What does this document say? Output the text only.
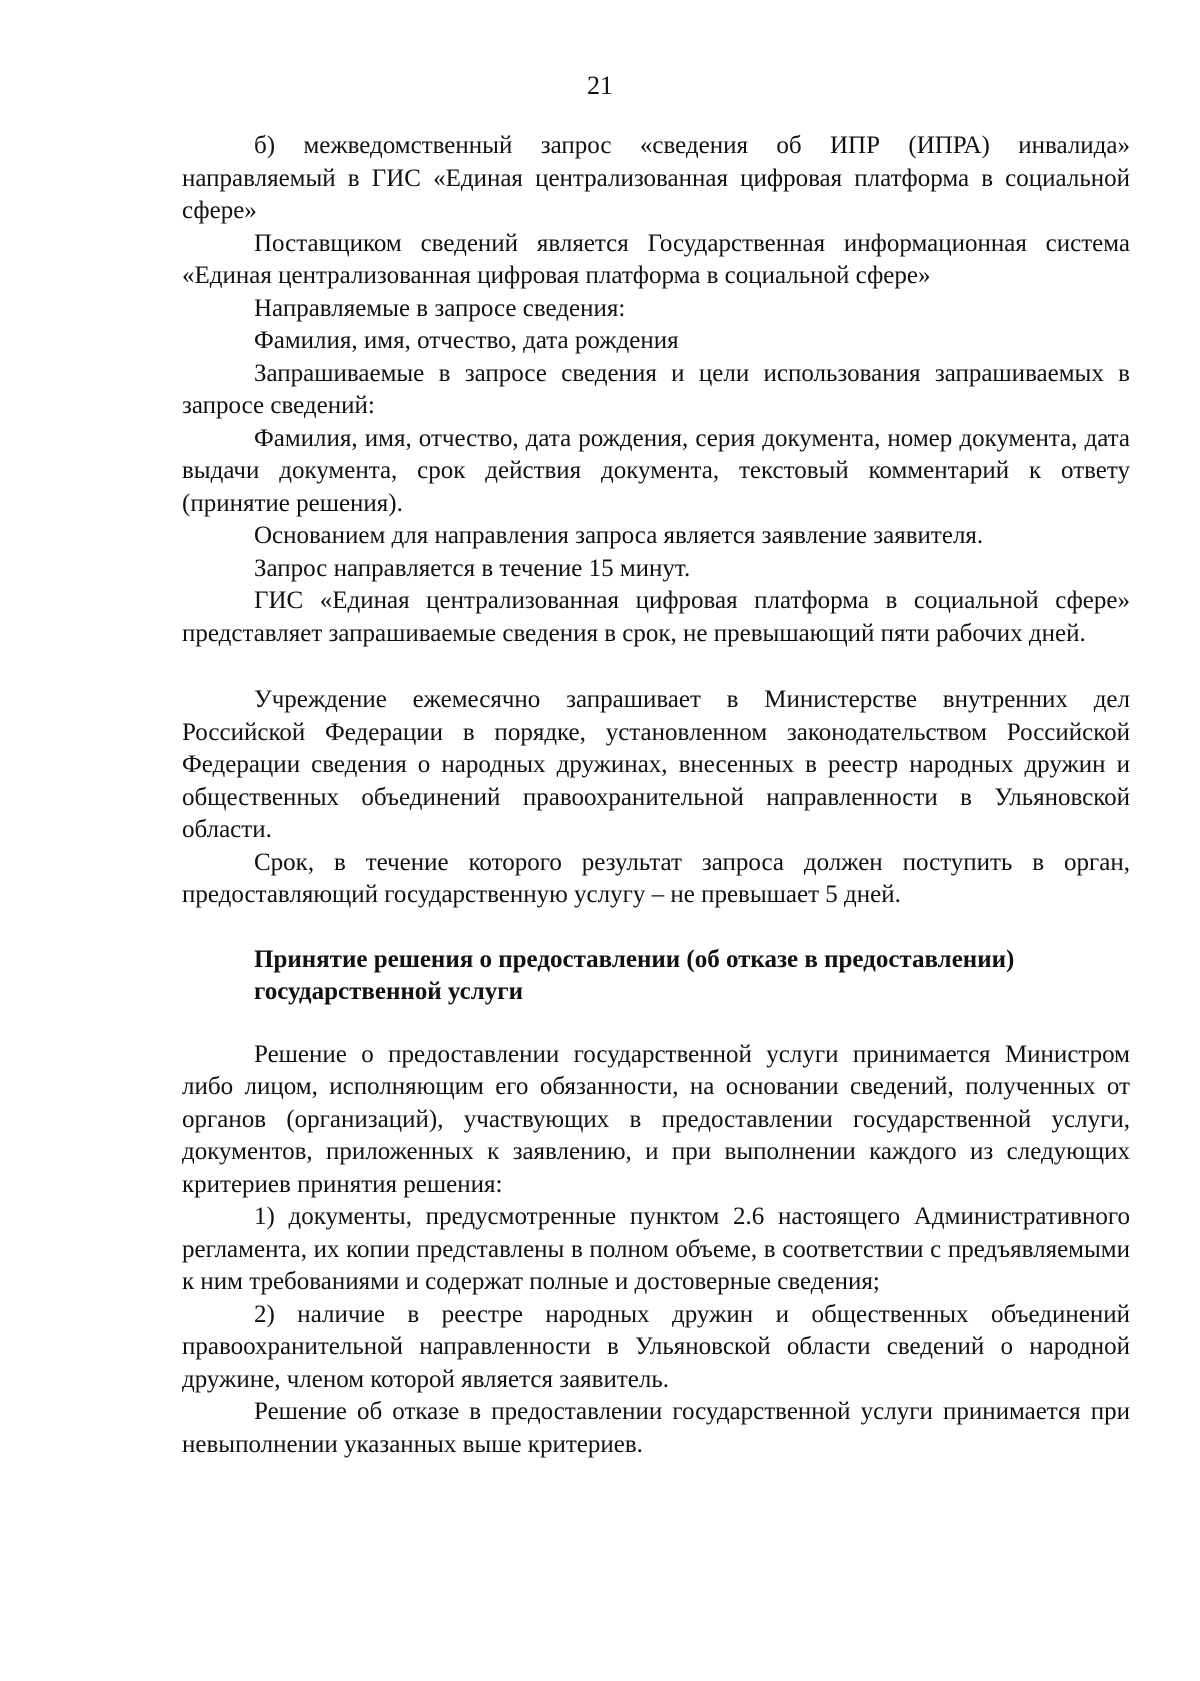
21

б) межведомственный запрос «сведения об ИПР (ИПРА) инвалида» направляемый в ГИС «Единая централизованная цифровая платформа в социальной сфере»

Поставщиком сведений является Государственная информационная система «Единая централизованная цифровая платформа в социальной сфере»

Направляемые в запросе сведения:

Фамилия, имя, отчество, дата рождения

Запрашиваемые в запросе сведения и цели использования запрашиваемых в запросе сведений:

Фамилия, имя, отчество, дата рождения, серия документа, номер документа, дата выдачи документа, срок действия документа, текстовый комментарий к ответу (принятие решения).

Основанием для направления запроса является заявление заявителя.

Запрос направляется в течение 15 минут.

ГИС «Единая централизованная цифровая платформа в социальной сфере» представляет запрашиваемые сведения в срок, не превышающий пяти рабочих дней.

Учреждение ежемесячно запрашивает в Министерстве внутренних дел Российской Федерации в порядке, установленном законодательством Российской Федерации сведения о народных дружинах, внесенных в реестр народных дружин и общественных объединений правоохранительной направленности в Ульяновской области.

Срок, в течение которого результат запроса должен поступить в орган, предоставляющий государственную услугу – не превышает 5 дней.

Принятие решения о предоставлении (об отказе в предоставлении)

государственной услуги

Решение о предоставлении государственной услуги принимается Министром либо лицом, исполняющим его обязанности, на основании сведений, полученных от органов (организаций), участвующих в предоставлении государственной услуги, документов, приложенных к заявлению, и при выполнении каждого из следующих критериев принятия решения:

1) документы, предусмотренные пунктом 2.6 настоящего Административного регламента, их копии представлены в полном объеме, в соответствии с предъявляемыми к ним требованиями и содержат полные и достоверные сведения;

2) наличие в реестре народных дружин и общественных объединений правоохранительной направленности в Ульяновской области сведений о народной дружине, членом которой является заявитель.

Решение об отказе в предоставлении государственной услуги принимается при невыполнении указанных выше критериев.
